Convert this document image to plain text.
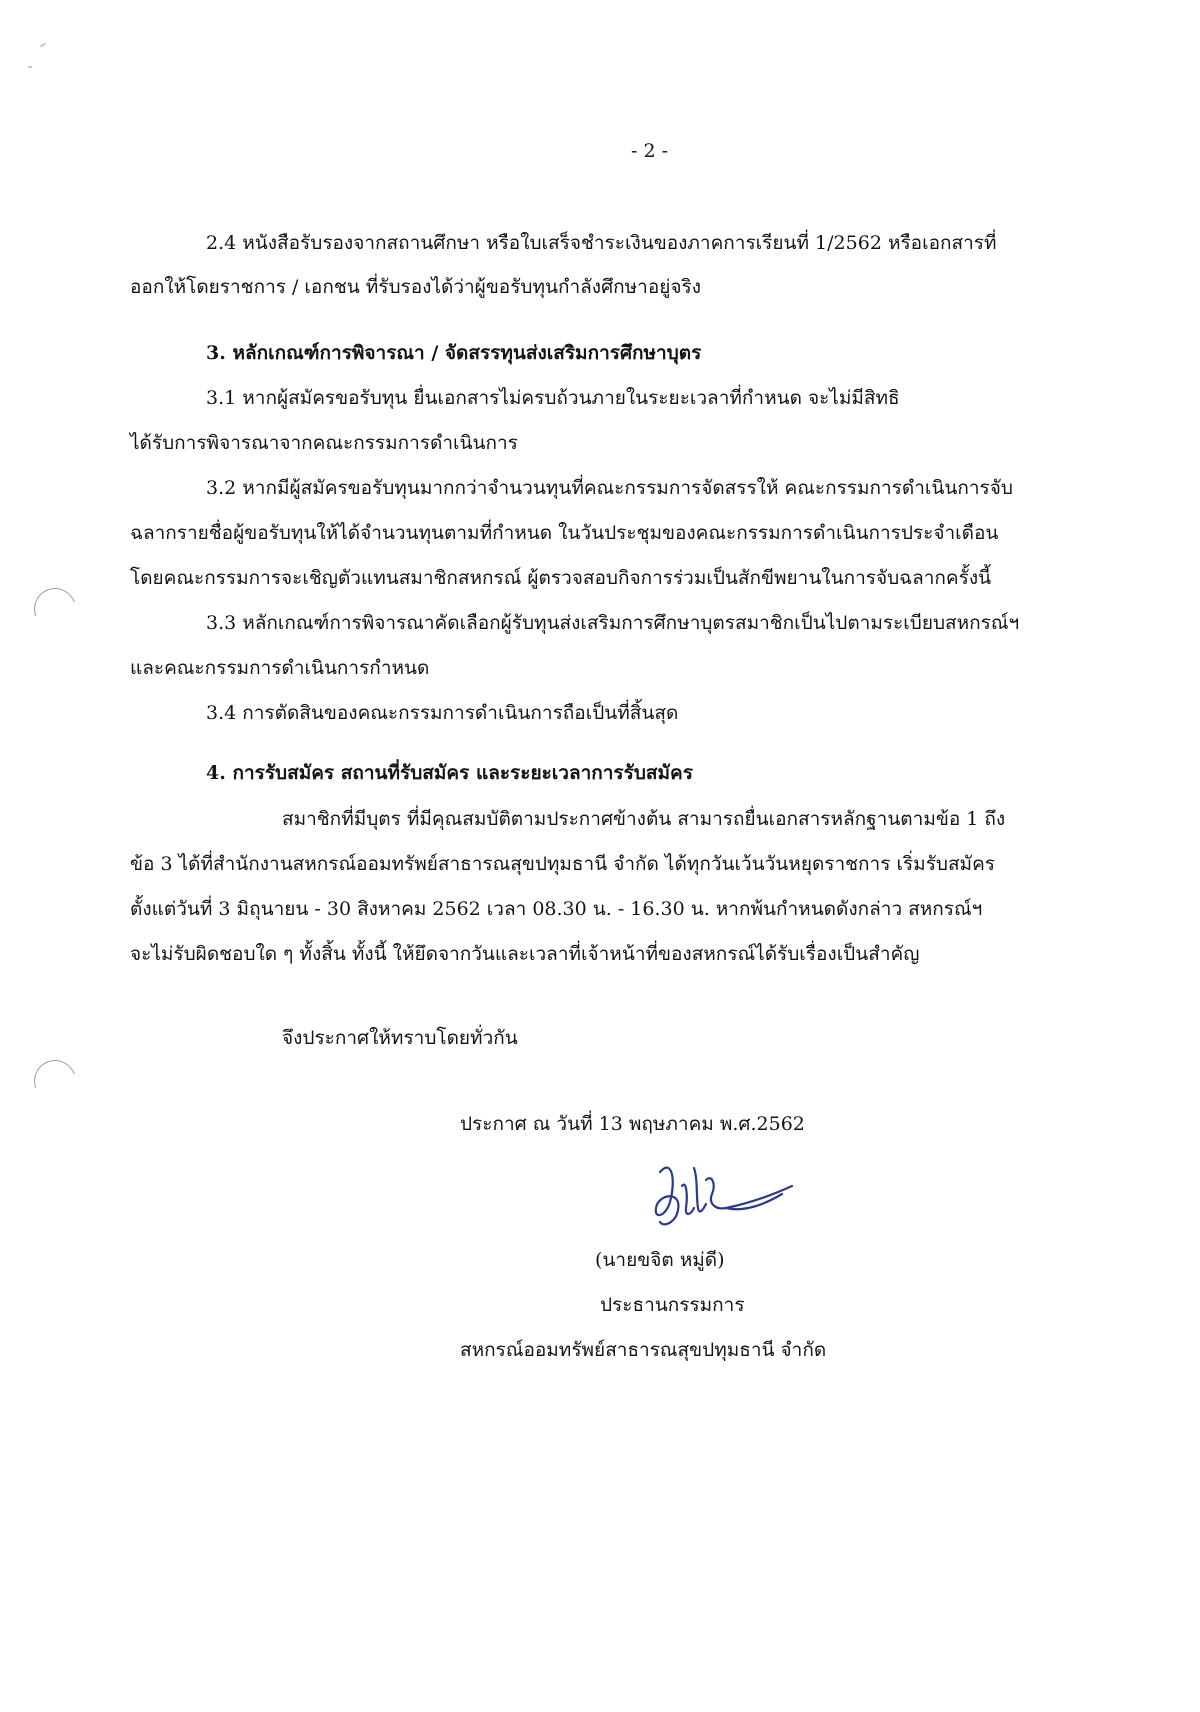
- 2 -
2.4 หนังสือรับรองจากสถานศึกษา หรือใบเสร็จชำระเงินของภาคการเรียนที่ 1/2562 หรือเอกสารที่
ออกให้โดยราชการ / เอกชน ที่รับรองได้ว่าผู้ขอรับทุนกำลังศึกษาอยู่จริง
3. หลักเกณฑ์การพิจารณา / จัดสรรทุนส่งเสริมการศึกษาบุตร
3.1 หากผู้สมัครขอรับทุน ยื่นเอกสารไม่ครบถ้วนภายในระยะเวลาที่กำหนด จะไม่มีสิทธิ
ได้รับการพิจารณาจากคณะกรรมการดำเนินการ
3.2 หากมีผู้สมัครขอรับทุนมากกว่าจำนวนทุนที่คณะกรรมการจัดสรรให้ คณะกรรมการดำเนินการจับ
ฉลากรายชื่อผู้ขอรับทุนให้ได้จำนวนทุนตามที่กำหนด ในวันประชุมของคณะกรรมการดำเนินการประจำเดือน
โดยคณะกรรมการจะเชิญตัวแทนสมาชิกสหกรณ์ ผู้ตรวจสอบกิจการร่วมเป็นสักขีพยานในการจับฉลากครั้งนี้
3.3 หลักเกณฑ์การพิจารณาคัดเลือกผู้รับทุนส่งเสริมการศึกษาบุตรสมาชิกเป็นไปตามระเบียบสหกรณ์ฯ
และคณะกรรมการดำเนินการกำหนด
3.4 การตัดสินของคณะกรรมการดำเนินการถือเป็นที่สิ้นสุด
4. การรับสมัคร สถานที่รับสมัคร และระยะเวลาการรับสมัคร
สมาชิกที่มีบุตร ที่มีคุณสมบัติตามประกาศข้างต้น สามารถยื่นเอกสารหลักฐานตามข้อ 1 ถึง
ข้อ 3 ได้ที่สำนักงานสหกรณ์ออมทรัพย์สาธารณสุขปทุมธานี จำกัด ได้ทุกวันเว้นวันหยุดราชการ เริ่มรับสมัคร
ตั้งแต่วันที่ 3 มิถุนายน - 30 สิงหาคม 2562 เวลา 08.30 น. - 16.30 น. หากพ้นกำหนดดังกล่าว สหกรณ์ฯ
จะไม่รับผิดชอบใด ๆ ทั้งสิ้น ทั้งนี้ ให้ยึดจากวันและเวลาที่เจ้าหน้าที่ของสหกรณ์ได้รับเรื่องเป็นสำคัญ
จึงประกาศให้ทราบโดยทั่วกัน
ประกาศ ณ วันที่ 13 พฤษภาคม พ.ศ.2562
(นายขจิต หมู่ดี)
ประธานกรรมการ
สหกรณ์ออมทรัพย์สาธารณสุขปทุมธานี จำกัด
